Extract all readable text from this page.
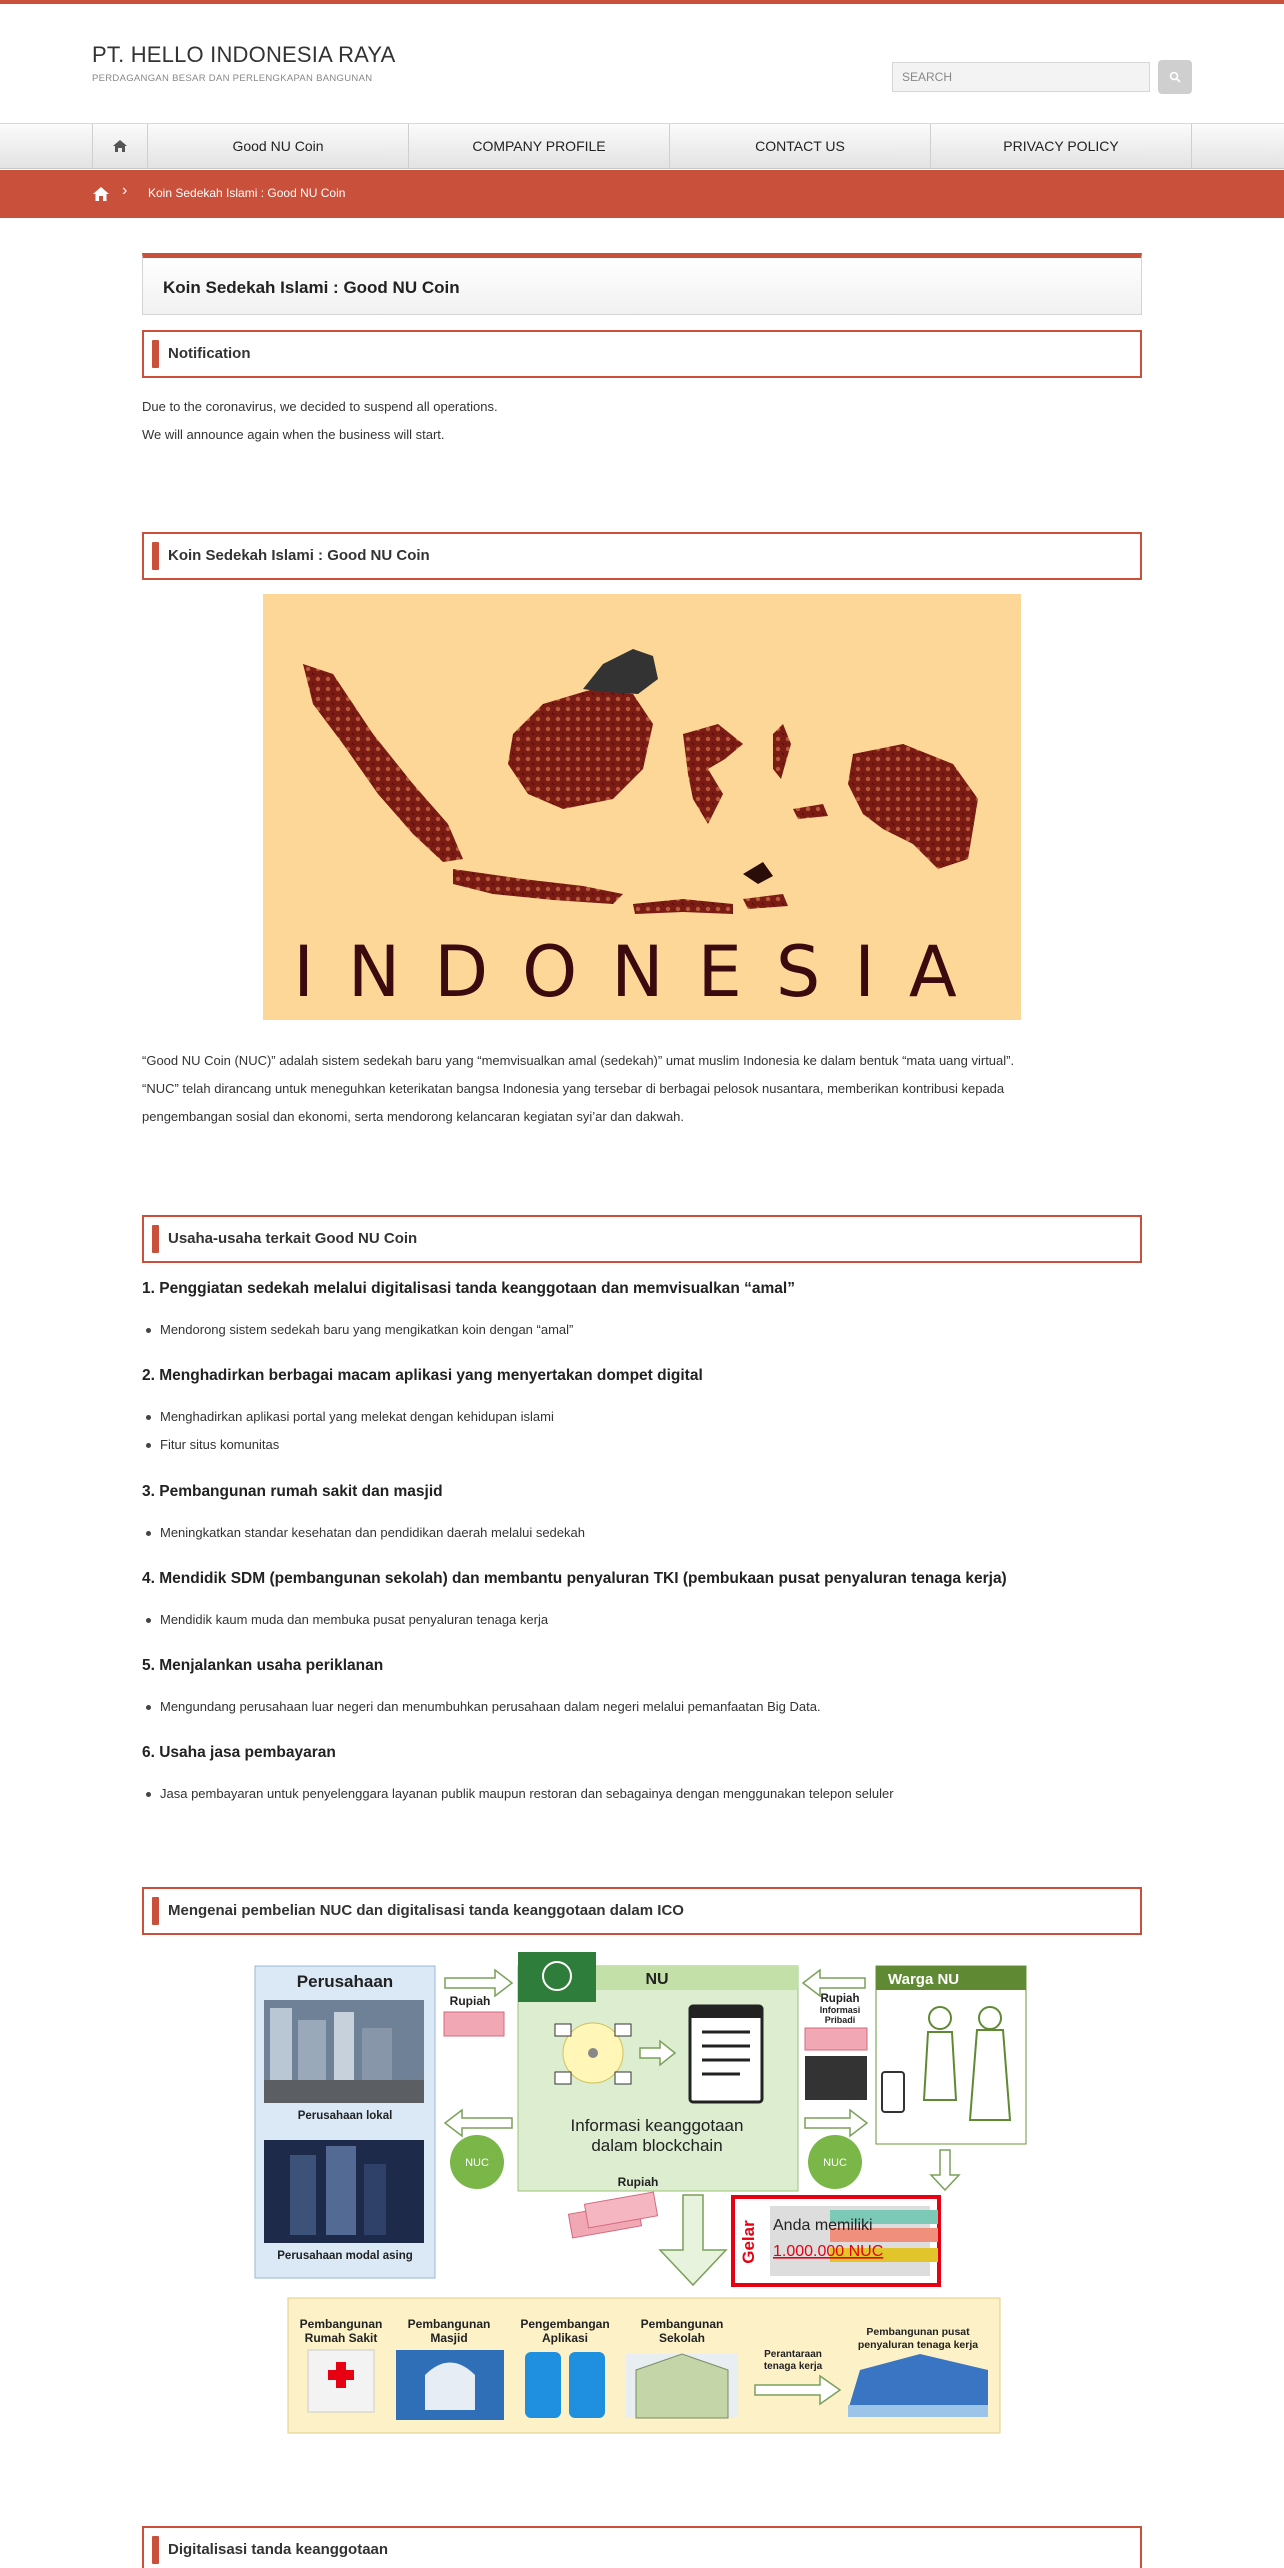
PT. HELLO INDONESIA RAYA
PERDAGANGAN BESAR DAN PERLENGKAPAN BANGUNAN	SEARCH
Good NU Coin	COMPANY PROFILE	CONTACT US	PRIVACY POLICY
› Koin Sedekah Islami : Good NU Coin
Koin Sedekah Islami : Good NU Coin
Notification
Due to the coronavirus, we decided to suspend all operations.
We will announce again when the business will start.
Koin Sedekah Islami : Good NU Coin
INDONESIA
“Good NU Coin (NUC)” adalah sistem sedekah baru yang “memvisualkan amal (sedekah)” umat muslim Indonesia ke dalam bentuk “mata uang virtual”.
“NUC” telah dirancang untuk meneguhkan keterikatan bangsa Indonesia yang tersebar di berbagai pelosok nusantara, memberikan kontribusi kepada
pengembangan sosial dan ekonomi, serta mendorong kelancaran kegiatan syi’ar dan dakwah.
Usaha-usaha terkait Good NU Coin
1. Penggiatan sedekah melalui digitalisasi tanda keanggotaan dan memvisualkan “amal”
Mendorong sistem sedekah baru yang mengikatkan koin dengan “amal”
2. Menghadirkan berbagai macam aplikasi yang menyertakan dompet digital
Menghadirkan aplikasi portal yang melekat dengan kehidupan islami
Fitur situs komunitas
3. Pembangunan rumah sakit dan masjid
Meningkatkan standar kesehatan dan pendidikan daerah melalui sedekah
4. Mendidik SDM (pembangunan sekolah) dan membantu penyaluran TKI (pembukaan pusat penyaluran tenaga kerja)
Mendidik kaum muda dan membuka pusat penyaluran tenaga kerja
5. Menjalankan usaha periklanan
Mengundang perusahaan luar negeri dan menumbuhkan perusahaan dalam negeri melalui pemanfaatan Big Data.
6. Usaha jasa pembayaran
Jasa pembayaran untuk penyelenggara layanan publik maupun restoran dan sebagainya dengan menggunakan telepon seluler
Mengenai pembelian NUC dan digitalisasi tanda keanggotaan dalam ICO
Perusahaan
Perusahaan lokal
Perusahaan modal asing
Rupiah
NUC
NU
Informasi keanggotaan
dalam blockchain
Rupiah
Informasi
Pribadi
NUC
Warga NU
Rupiah
Gelar Anda memiliki
1.000.000 NUC
Pembangunan
Rumah Sakit
Pembangunan
Masjid
Pengembangan
Aplikasi
Pembangunan
Sekolah
Perantaraan
tenaga kerja
Pembangunan pusat
penyaluran tenaga kerja
Digitalisasi tanda keanggotaan
